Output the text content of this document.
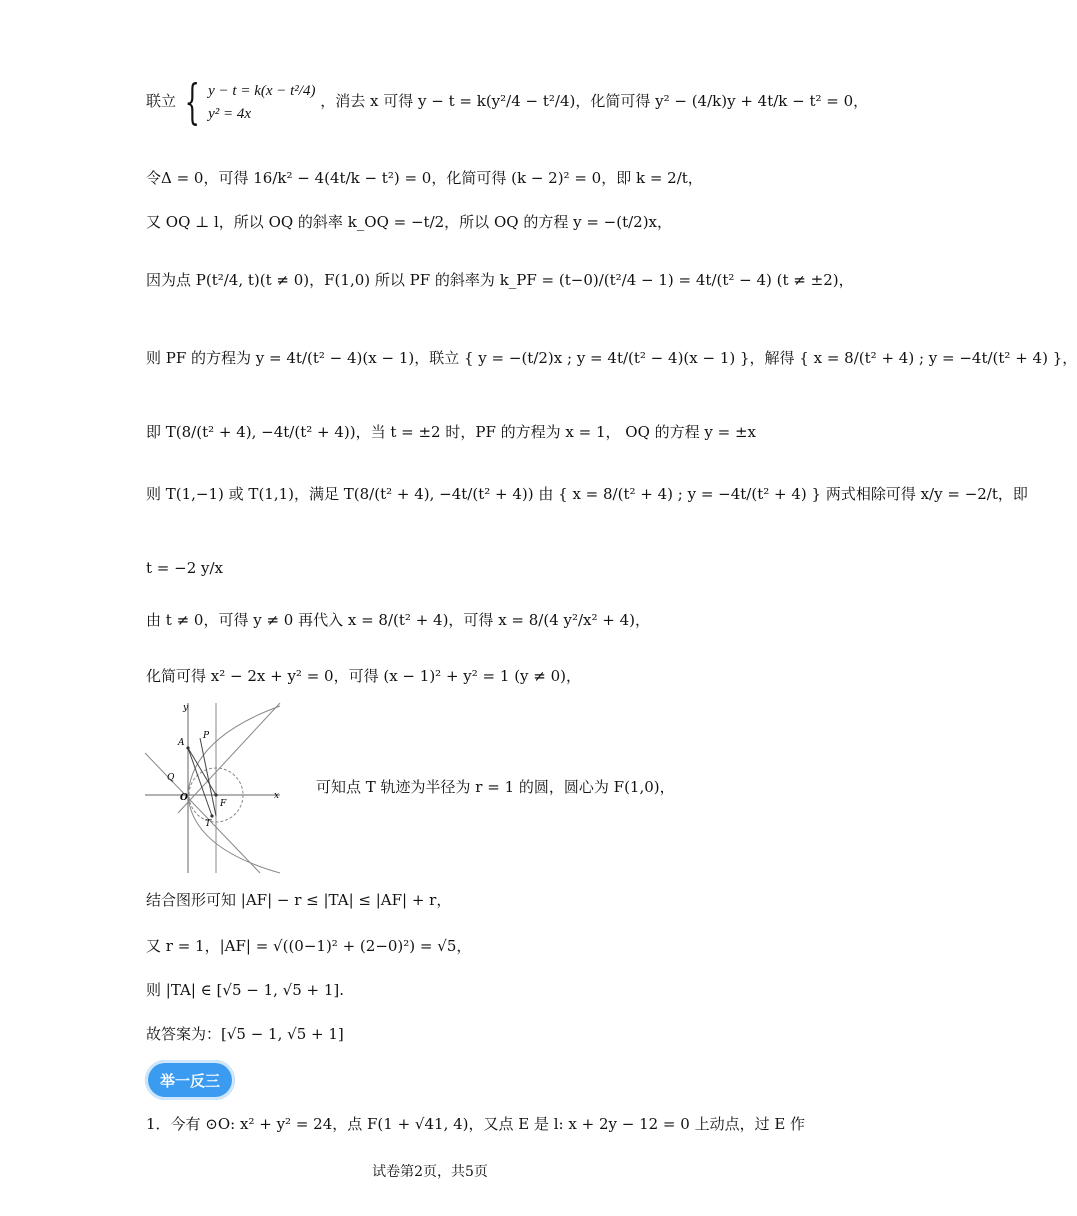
联立 { y − t = k(x − t²/4)
y² = 4x ，消去 x 可得 y − t = k(y²/4 − t²/4)，化简可得 y² − (4/k)y + 4t/k − t² = 0，
令Δ = 0，可得 16/k² − 4(4t/k − t²) = 0，化简可得 (k − 2)² = 0，即 k = 2/t，
又 OQ ⊥ l，所以 OQ 的斜率 k_OQ = −t/2，所以 OQ 的方程 y = −(t/2)x，
因为点 P(t²/4, t)(t ≠ 0)，F(1,0) 所以 PF 的斜率为 k_PF = (t−0)/(t²/4 − 1) = 4t/(t² − 4) (t ≠ ±2)，
则 PF 的方程为 y = 4t/(t² − 4)(x − 1)，联立 { y = −(t/2)x ; y = 4t/(t² − 4)(x − 1) }，解得 { x = 8/(t² + 4) ; y = −4t/(t² + 4) }，
即 T(8/(t² + 4), −4t/(t² + 4))，当 t = ±2 时，PF 的方程为 x = 1， OQ 的方程 y = ±x
则 T(1,−1) 或 T(1,1)，满足 T(8/(t² + 4), −4t/(t² + 4)) 由 { x = 8/(t² + 4) ; y = −4t/(t² + 4) } 两式相除可得 x/y = −2/t，即
t = −2 y/x
由 t ≠ 0，可得 y ≠ 0 再代入 x = 8/(t² + 4)，可得 x = 8/(4 y²/x² + 4)，
化简可得 x² − 2x + y² = 0，可得 (x − 1)² + y² = 1 (y ≠ 0)，
y
x
A
P
Q
O
F
T
可知点 T 轨迹为半径为 r = 1 的圆，圆心为 F(1,0)，
结合图形可知 |AF| − r ≤ |TA| ≤ |AF| + r，
又 r = 1，|AF| = √((0−1)² + (2−0)²) = √5，
则 |TA| ∈ [√5 − 1, √5 + 1].
故答案为：[√5 − 1, √5 + 1]
举一反三
1．今有 ⊙O: x² + y² = 24，点 F(1 + √41, 4)，又点 E 是 l: x + 2y − 12 = 0 上动点，过 E 作
试卷第2页，共5页
